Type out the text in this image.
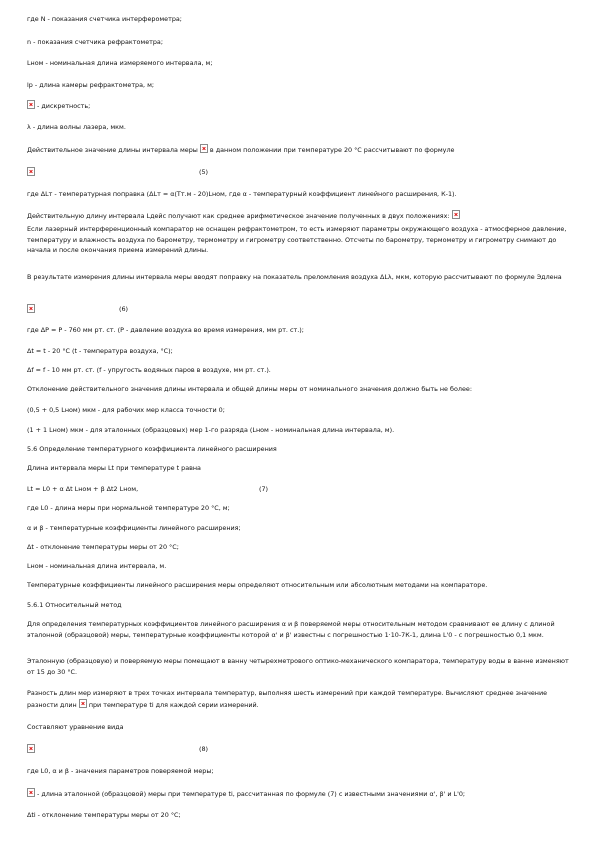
где N - показания счетчика интерферометра;
n - показания счетчика рефрактометра;
Lном - номинальная длина измеряемого интервала, м;
lр - длина камеры рефрактометра, м;
- дискретность;
λ - длина волны лазера, мкм.
Действительное значение длины интервала меры в данном положении при температуре 20 °С рассчитывают по формуле
(5)
где ΔLт - температурная поправка (ΔLт = α(Тт.м - 20)Lном, где α - температурный коэффициент линейного расширения, К-1).
Действительную длину интервала Lдейс получают как среднее арифметическое значение полученных в двух положениях:
Если лазерный интерференционный компаратор не оснащен рефрактометром, то есть измеряют параметры окружающего воздуха - атмосферное давление, температуру и влажность воздуха по барометру, термометру и гигрометру соответственно. Отсчеты по барометру, термометру и гигрометру снимают до начала и после окончания приема измерений длины.
В результате измерения длины интервала меры вводят поправку на показатель преломления воздуха ΔLλ, мкм, которую рассчитывают по формуле Эдлена
(6)
где ΔР = Р - 760 мм рт. ст. (Р - давление воздуха во время измерения, мм рт. ст.);
Δt = t - 20 °С (t - температура воздуха, °С);
Δf = f - 10 мм рт. ст. (f - упругость водяных паров в воздухе, мм рт. ст.).
Отклонение действительного значения длины интервала и общей длины меры от номинального значения должно быть не более:
(0,5 + 0,5 Lном) мкм - для рабочих мер класса точности 0;
(1 + 1 Lном) мкм - для эталонных (образцовых) мер 1-го разряда (Lном - номинальная длина интервала, м).
5.6 Определение температурного коэффициента линейного расширения
Длина интервала меры Lt при температуре t равна
Lt = L0 + α Δt Lном + β Δt2 Lном,	(7)
где L0 - длина меры при нормальной температуре 20 °С, м;
α и β - температурные коэффициенты линейного расширения;
Δt - отклонение температуры меры от 20 °С;
Lном - номинальная длина интервала, м.
Температурные коэффициенты линейного расширения меры определяют относительным или абсолютным методами на компараторе.
5.6.1 Относительный метод
Для определения температурных коэффициентов линейного расширения α и β поверяемой меры относительным методом сравнивают ее длину с длиной эталонной (образцовой) меры, температурные коэффициенты которой α' и β' известны с погрешностью 1·10-7К-1, длина L'0 - с погрешностью 0,1 мкм.
Эталонную (образцовую) и поверяемую меры помещают в ванну четырехметрового оптико-механического компаратора, температуру воды в ванне изменяют от 15 до 30 °С.
Разность длин мер измеряют в трех точках интервала температур, выполняя шесть измерений при каждой температуре. Вычисляют среднее значение разности длин при температуре ti для каждой серии измерений.
Составляют уравнение вида
(8)
где L0, α и β - значения параметров поверяемой меры;
- длина эталонной (образцовой) меры при температуре ti, рассчитанная по формуле (7) с известными значениями α', β' и L'0;
Δti - отклонение температуры меры от 20 °С;
